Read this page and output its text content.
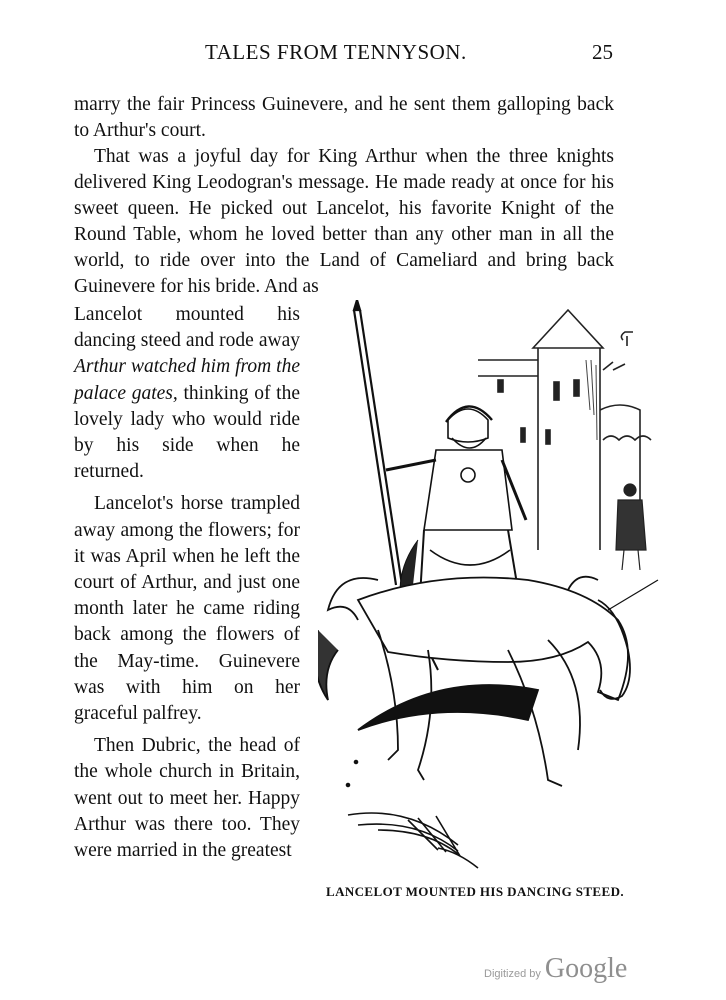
TALES FROM TENNYSON.	25

marry the fair Princess Guinevere, and he sent them galloping back to Arthur's court.

That was a joyful day for King Arthur when the three knights delivered King Leodogran's message. He made ready at once for his sweet queen. He picked out Lancelot, his favorite Knight of the Round Table, whom he loved better than any other man in all the world, to ride over into the Land of Cameliard and bring back Guinevere for his bride. And as

Lancelot mounted his dancing steed and rode away Arthur watched him from the palace gates, thinking of the lovely lady who would ride by his side when he returned.

Lancelot's horse trampled away among the flowers; for it was April when he left the court of Arthur, and just one month later he came riding back among the flowers of the May-time. Guinevere was with him on her graceful palfrey.

Then Dubric, the head of the whole church in Britain, went out to meet her. Happy Arthur was there too. They were married in the greatest

LANCELOT MOUNTED HIS DANCING STEED.
Digitized by Google
